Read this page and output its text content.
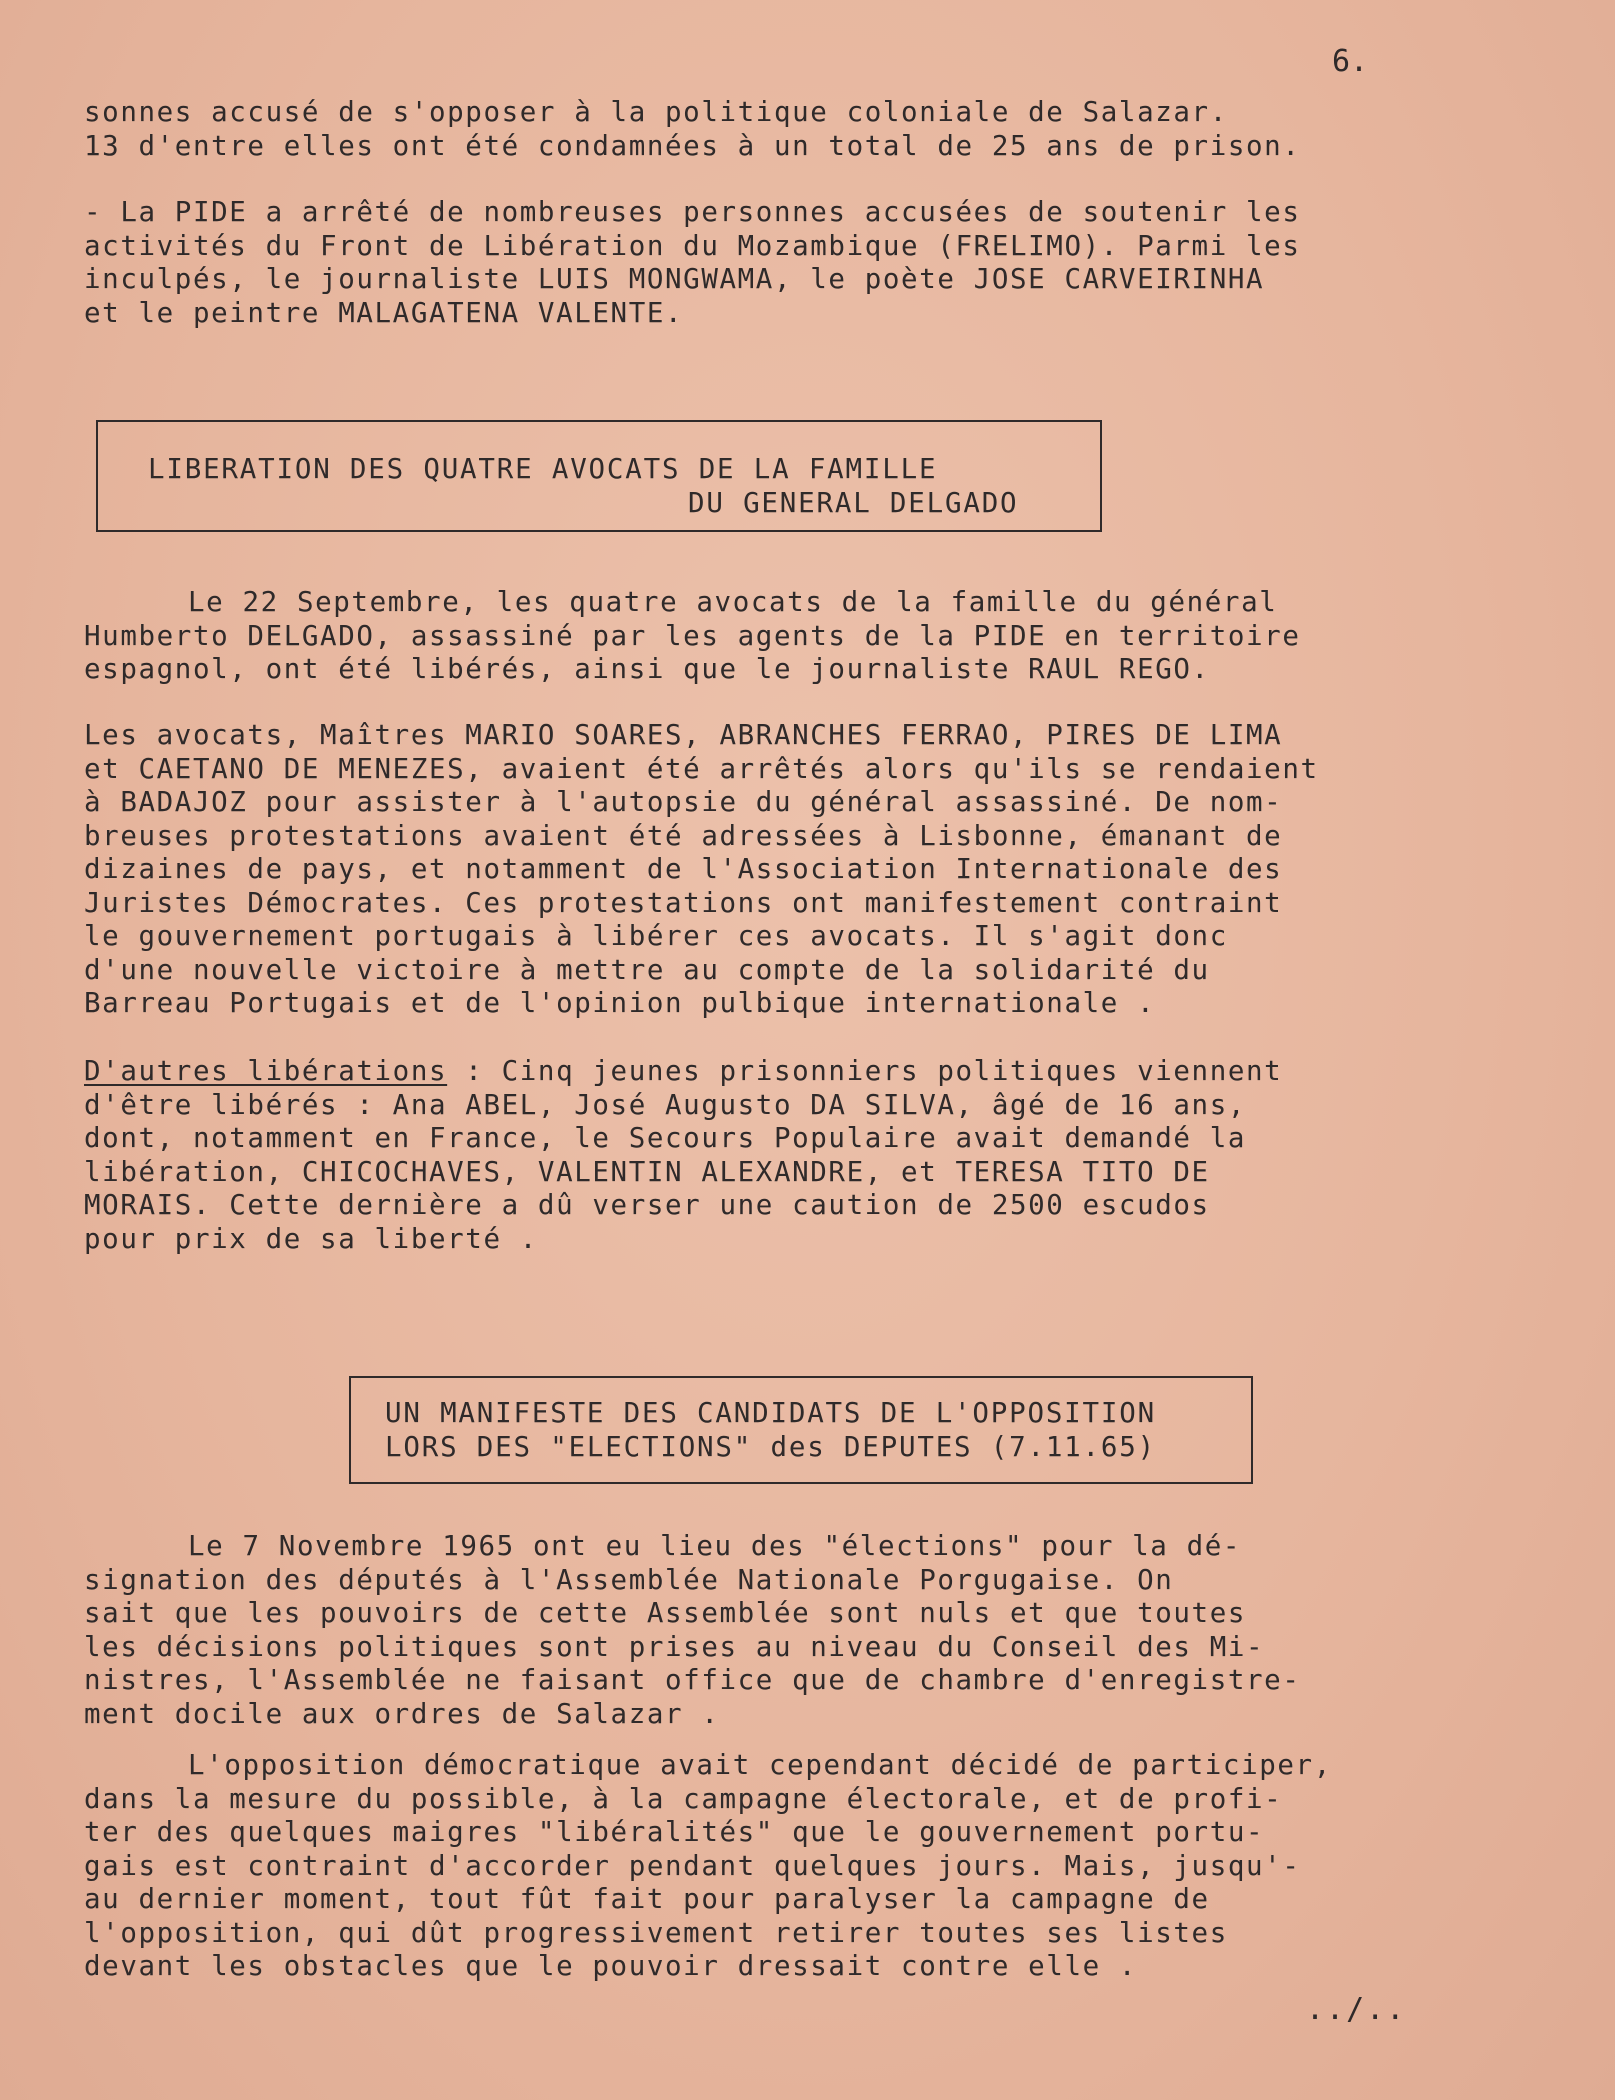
6.
sonnes accusé de s'opposer à la politique coloniale de Salazar.
13 d'entre elles ont été condamnées à un total de 25 ans de prison.
- La PIDE a arrêté de nombreuses personnes accusées de soutenir les
activités du Front de Libération du Mozambique (FRELIMO). Parmi les
inculpés, le journaliste LUIS MONGWAMA, le poète JOSE CARVEIRINHA
et le peintre MALAGATENA VALENTE.
LIBERATION DES QUATRE AVOCATS DE LA FAMILLE
DU GENERAL DELGADO
Le 22 Septembre, les quatre avocats de la famille du général
Humberto DELGADO, assassiné par les agents de la PIDE en territoire
espagnol, ont été libérés, ainsi que le journaliste RAUL REGO.
Les avocats, Maîtres MARIO SOARES, ABRANCHES FERRAO, PIRES DE LIMA
et CAETANO DE MENEZES, avaient été arrêtés alors qu'ils se rendaient
à BADAJOZ pour assister à l'autopsie du général assassiné. De nom-
breuses protestations avaient été adressées à Lisbonne, émanant de
dizaines de pays, et notamment de l'Association Internationale des
Juristes Démocrates. Ces protestations ont manifestement contraint
le gouvernement portugais à libérer ces avocats. Il s'agit donc
d'une nouvelle victoire à mettre au compte de la solidarité du
Barreau Portugais et de l'opinion pulbique internationale .
D'autres libérations : Cinq jeunes prisonniers politiques viennent
d'être libérés : Ana ABEL, José Augusto DA SILVA, âgé de 16 ans,
dont, notamment en France, le Secours Populaire avait demandé la
libération, CHICOCHAVES, VALENTIN ALEXANDRE, et TERESA TITO DE
MORAIS. Cette dernière a dû verser une caution de 2500 escudos
pour prix de sa liberté .
UN MANIFESTE DES CANDIDATS DE L'OPPOSITION
LORS DES "ELECTIONS" des DEPUTES (7.11.65)
Le 7 Novembre 1965 ont eu lieu des "élections" pour la dé-
signation des députés à l'Assemblée Nationale Porgugaise. On
sait que les pouvoirs de cette Assemblée sont nuls et que toutes
les décisions politiques sont prises au niveau du Conseil des Mi-
nistres, l'Assemblée ne faisant office que de chambre d'enregistre-
ment docile aux ordres de Salazar .
L'opposition démocratique avait cependant décidé de participer,
dans la mesure du possible, à la campagne électorale, et de profi-
ter des quelques maigres "libéralités" que le gouvernement portu-
gais est contraint d'accorder pendant quelques jours. Mais, jusqu'-
au dernier moment, tout fût fait pour paralyser la campagne de
l'opposition, qui dût progressivement retirer toutes ses listes
devant les obstacles que le pouvoir dressait contre elle .
../..
